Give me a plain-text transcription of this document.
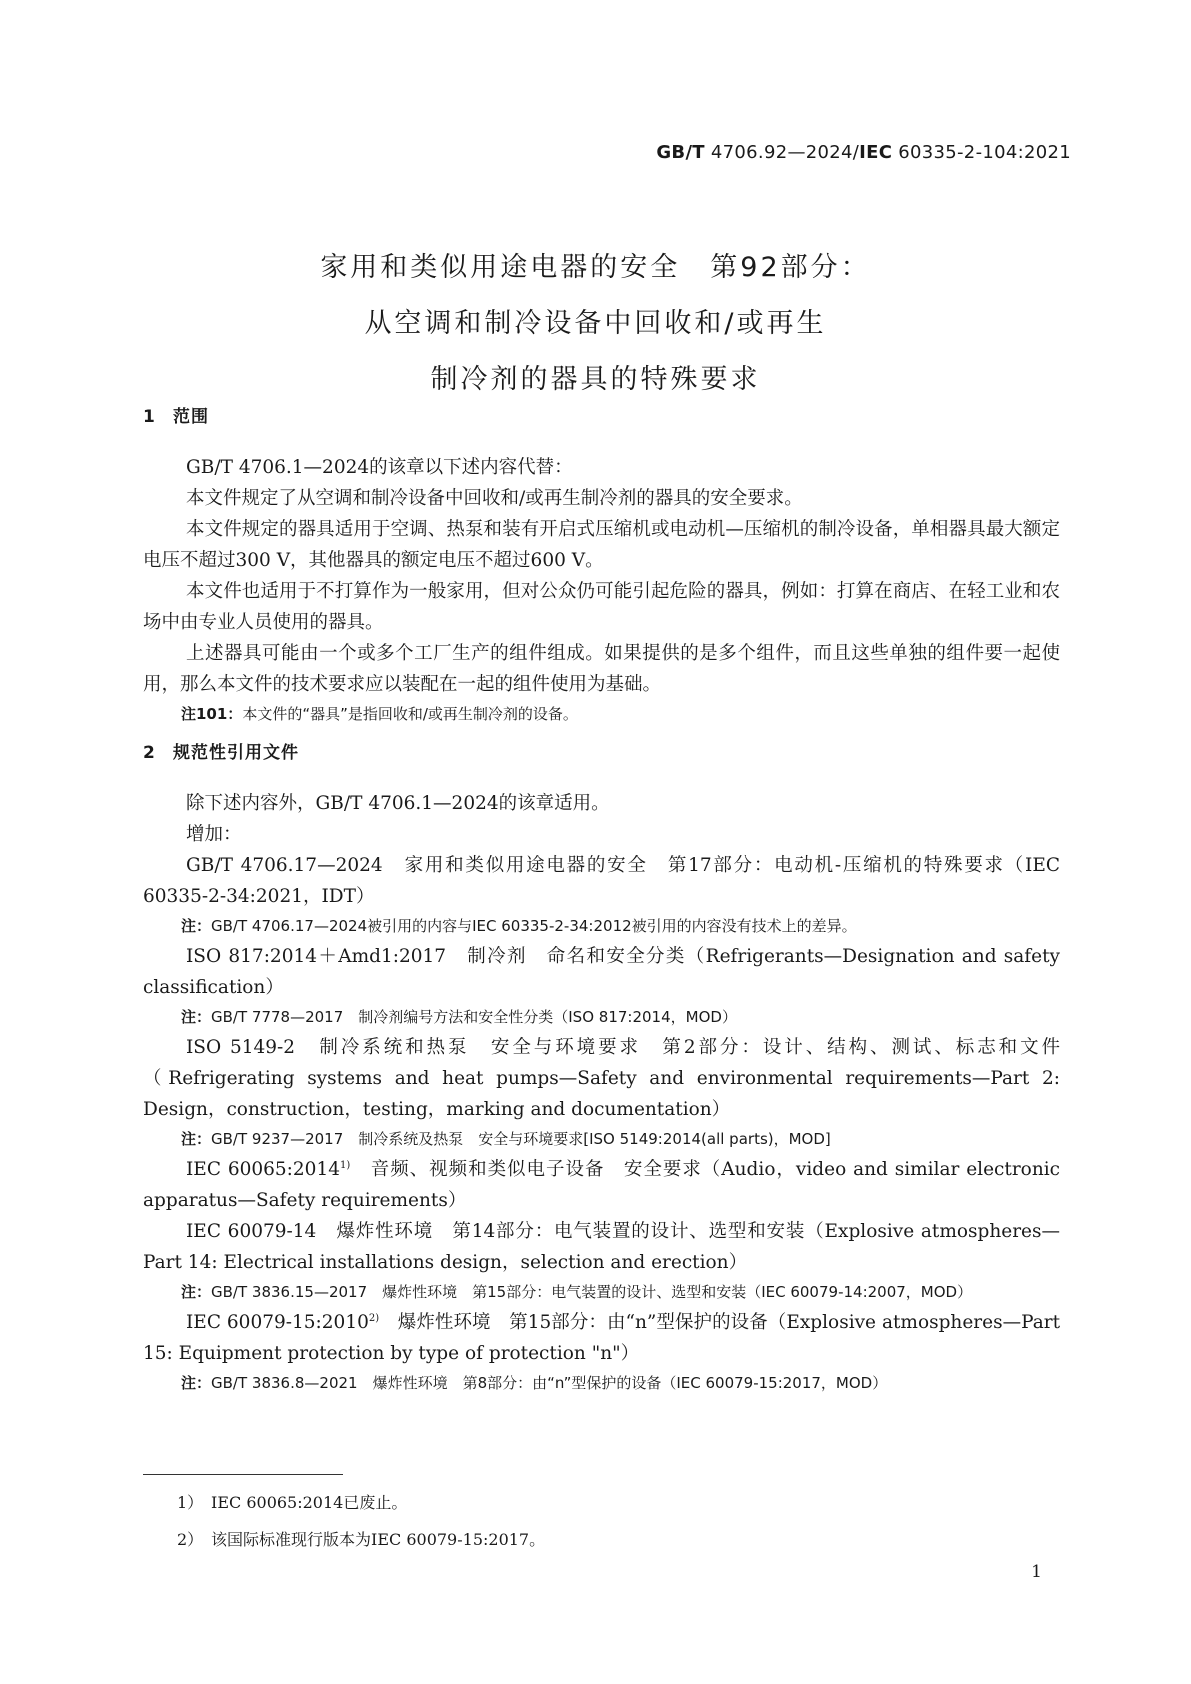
GB/T 4706.92—2024/IEC 60335-2-104:2021
家用和类似用途电器的安全　第92部分：
从空调和制冷设备中回收和/或再生
制冷剂的器具的特殊要求
1 范围

GB/T 4706.1—2024的该章以下述内容代替：

本文件规定了从空调和制冷设备中回收和/或再生制冷剂的器具的安全要求。

本文件规定的器具适用于空调、热泵和装有开启式压缩机或电动机—压缩机的制冷设备，单相器具最大额定电压不超过300 V，其他器具的额定电压不超过600 V。

本文件也适用于不打算作为一般家用，但对公众仍可能引起危险的器具，例如：打算在商店、在轻工业和农场中由专业人员使用的器具。

上述器具可能由一个或多个工厂生产的组件组成。如果提供的是多个组件，而且这些单独的组件要一起使用，那么本文件的技术要求应以装配在一起的组件使用为基础。

注101：本文件的“器具”是指回收和/或再生制冷剂的设备。

2 规范性引用文件

除下述内容外，GB/T 4706.1—2024的该章适用。

增加：

GB/T 4706.17—2024　家用和类似用途电器的安全　第17部分：电动机-压缩机的特殊要求（IEC 60335-2-34:2021，IDT）

注：GB/T 4706.17—2024被引用的内容与IEC 60335-2-34:2012被引用的内容没有技术上的差异。

ISO 817:2014＋Amd1:2017　制冷剂　命名和安全分类（Refrigerants—Designation and safety classification）

注：GB/T 7778—2017　制冷剂编号方法和安全性分类（ISO 817:2014，MOD）

ISO 5149-2　制冷系统和热泵　安全与环境要求　第2部分：设计、结构、测试、标志和文件（Refrigerating systems and heat pumps—Safety and environmental requirements—Part 2: Design，construction，testing，marking and documentation）

注：GB/T 9237—2017　制冷系统及热泵　安全与环境要求[ISO 5149:2014(all parts)，MOD]

IEC 60065:2014$^{1)}$　音频、视频和类似电子设备　安全要求（Audio，video and similar electronic apparatus—Safety requirements）

IEC 60079-14　爆炸性环境　第14部分：电气装置的设计、选型和安装（Explosive atmospheres—Part 14: Electrical installations design，selection and erection）

注：GB/T 3836.15—2017　爆炸性环境　第15部分：电气装置的设计、选型和安装（IEC 60079-14:2007，MOD）

IEC 60079-15:2010$^{2)}$　爆炸性环境　第15部分：由“n”型保护的设备（Explosive atmospheres—Part 15: Equipment protection by type of protection "n"）

注：GB/T 3836.8—2021　爆炸性环境　第8部分：由“n”型保护的设备（IEC 60079-15:2017，MOD）

1） IEC 60065:2014已废止。

2） 该国际标准现行版本为IEC 60079-15:2017。

1
